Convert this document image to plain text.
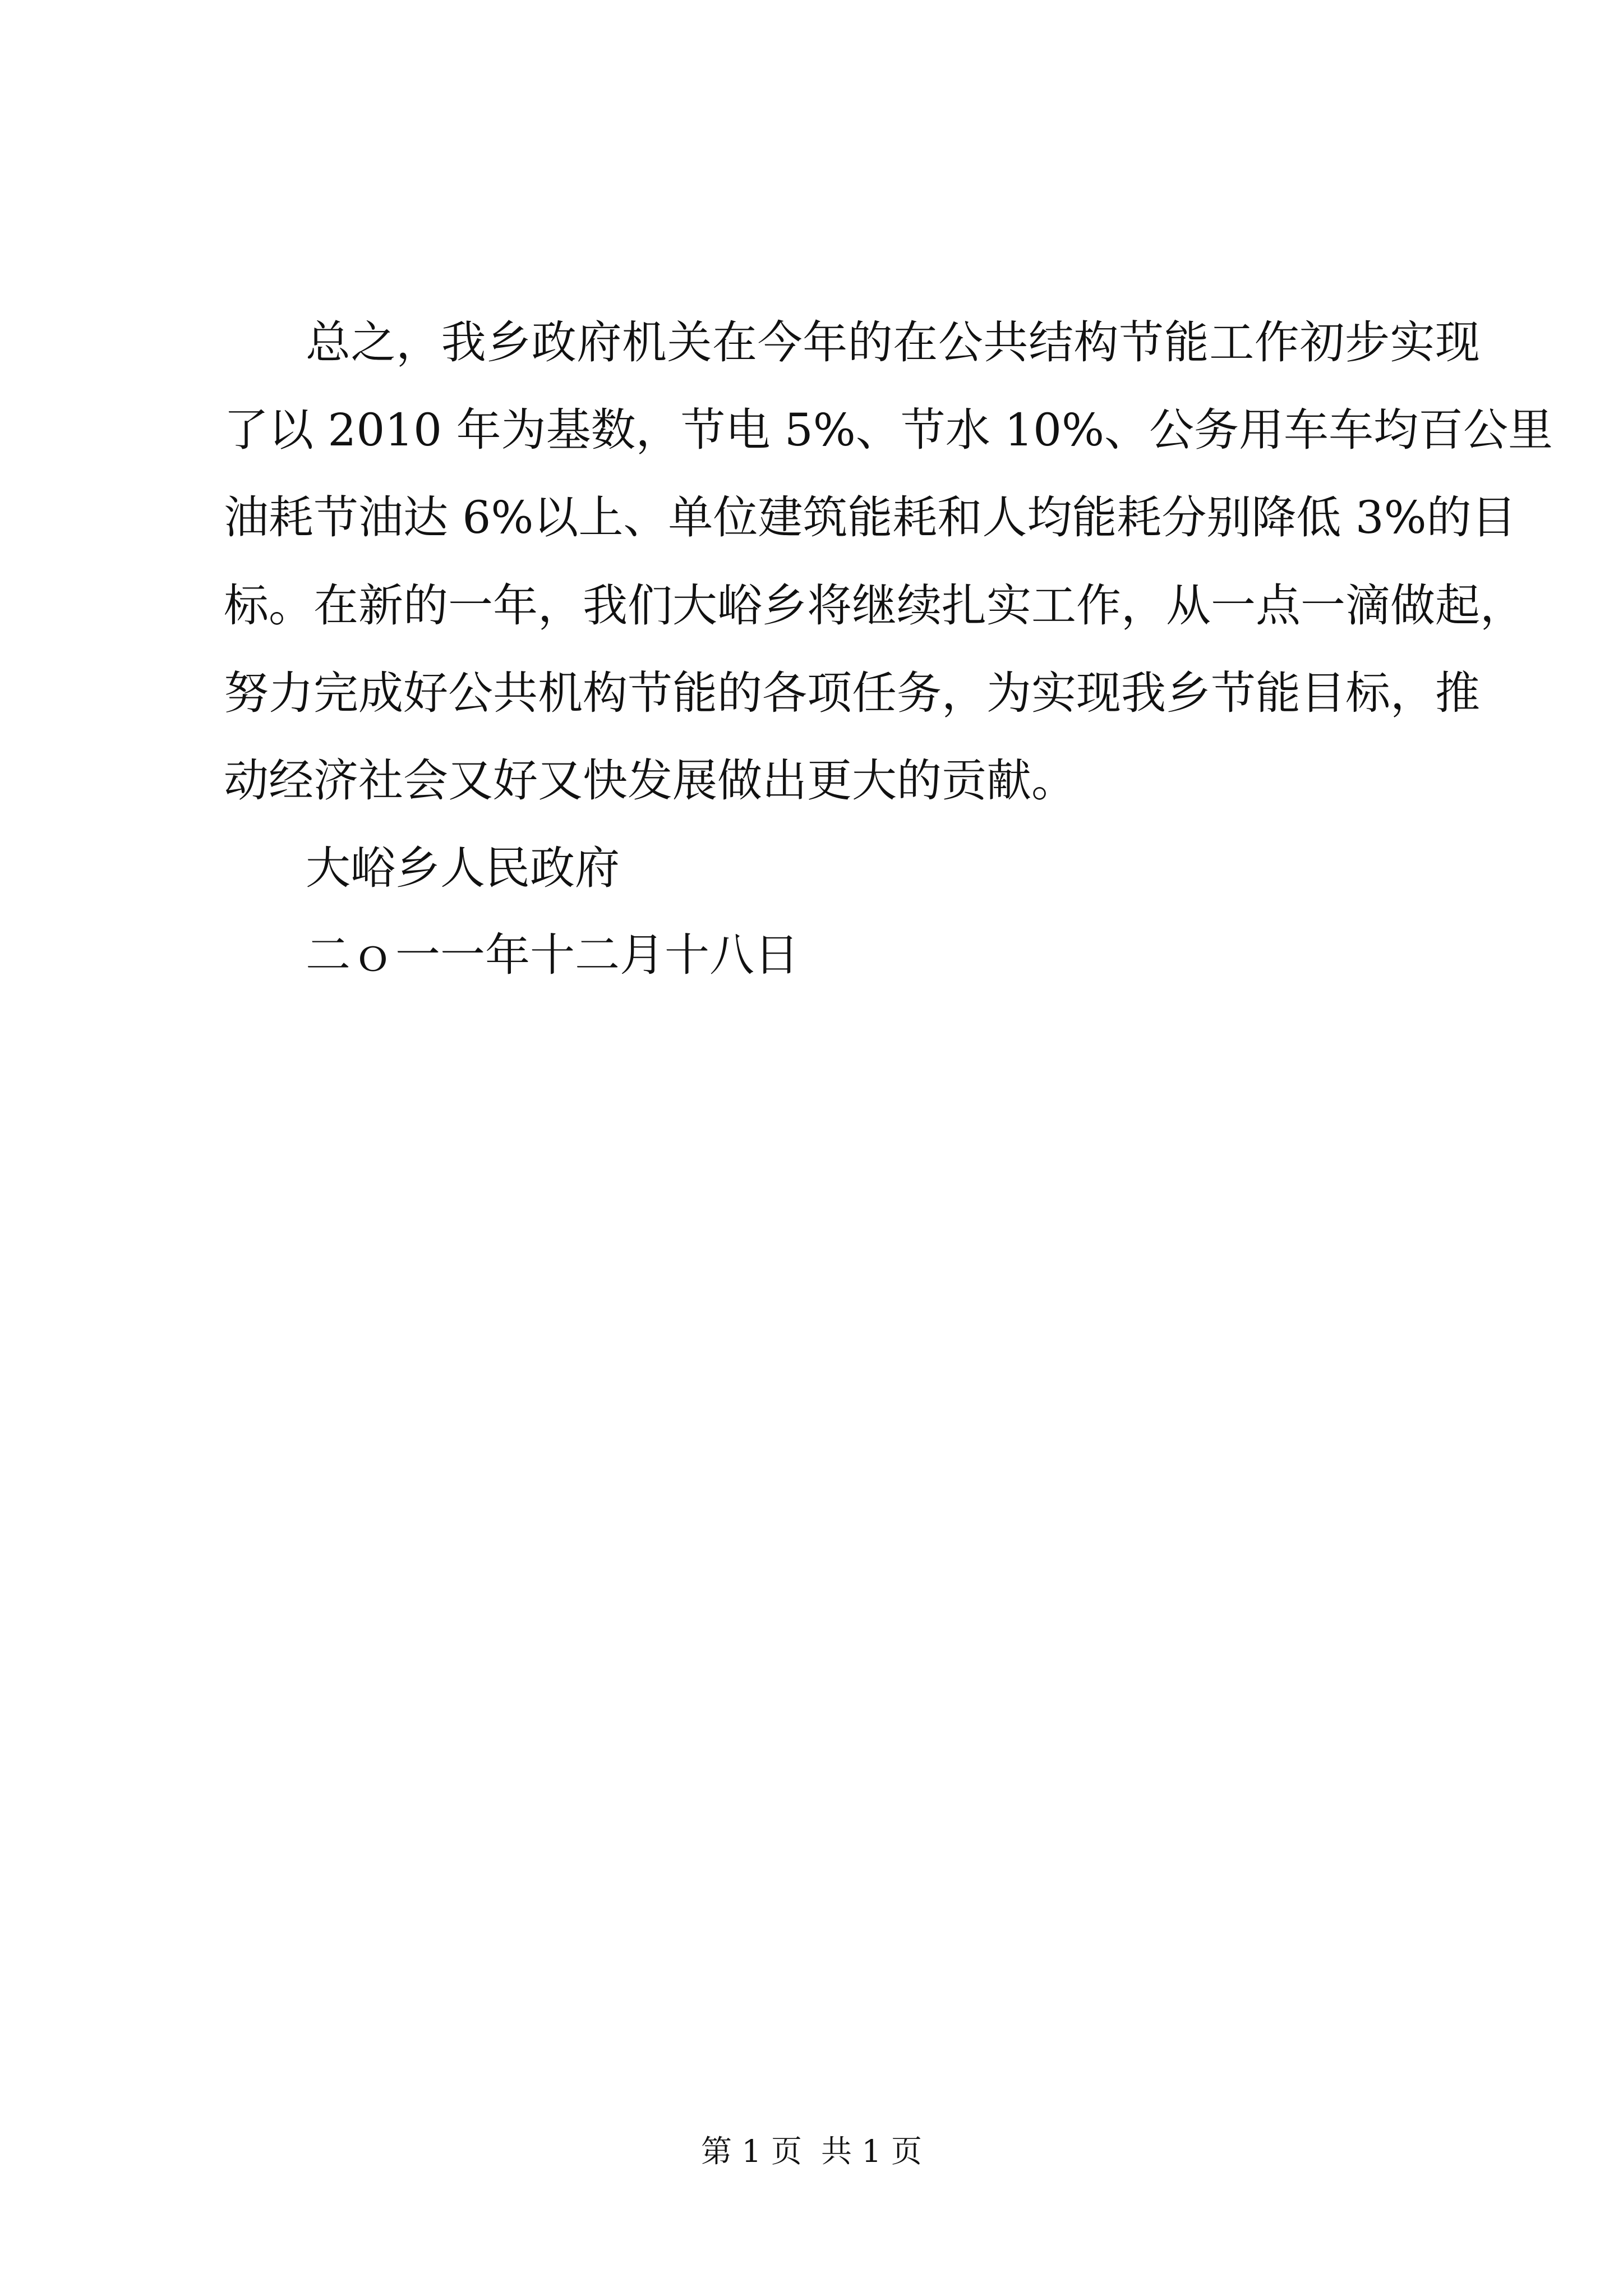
总之，我乡政府机关在今年的在公共结构节能工作初步实现

了以 2010 年为基数，节电 5%、节水 10%、公务用车车均百公里

油耗节油达 6%以上、单位建筑能耗和人均能耗分别降低 3%的目

标。在新的一年，我们大峪乡将继续扎实工作，从一点一滴做起，

努力完成好公共机构节能的各项任务，为实现我乡节能目标，推

动经济社会又好又快发展做出更大的贡献。

大峪乡人民政府

二ｏ一一年十二月十八日

第 1 页 共 1 页
